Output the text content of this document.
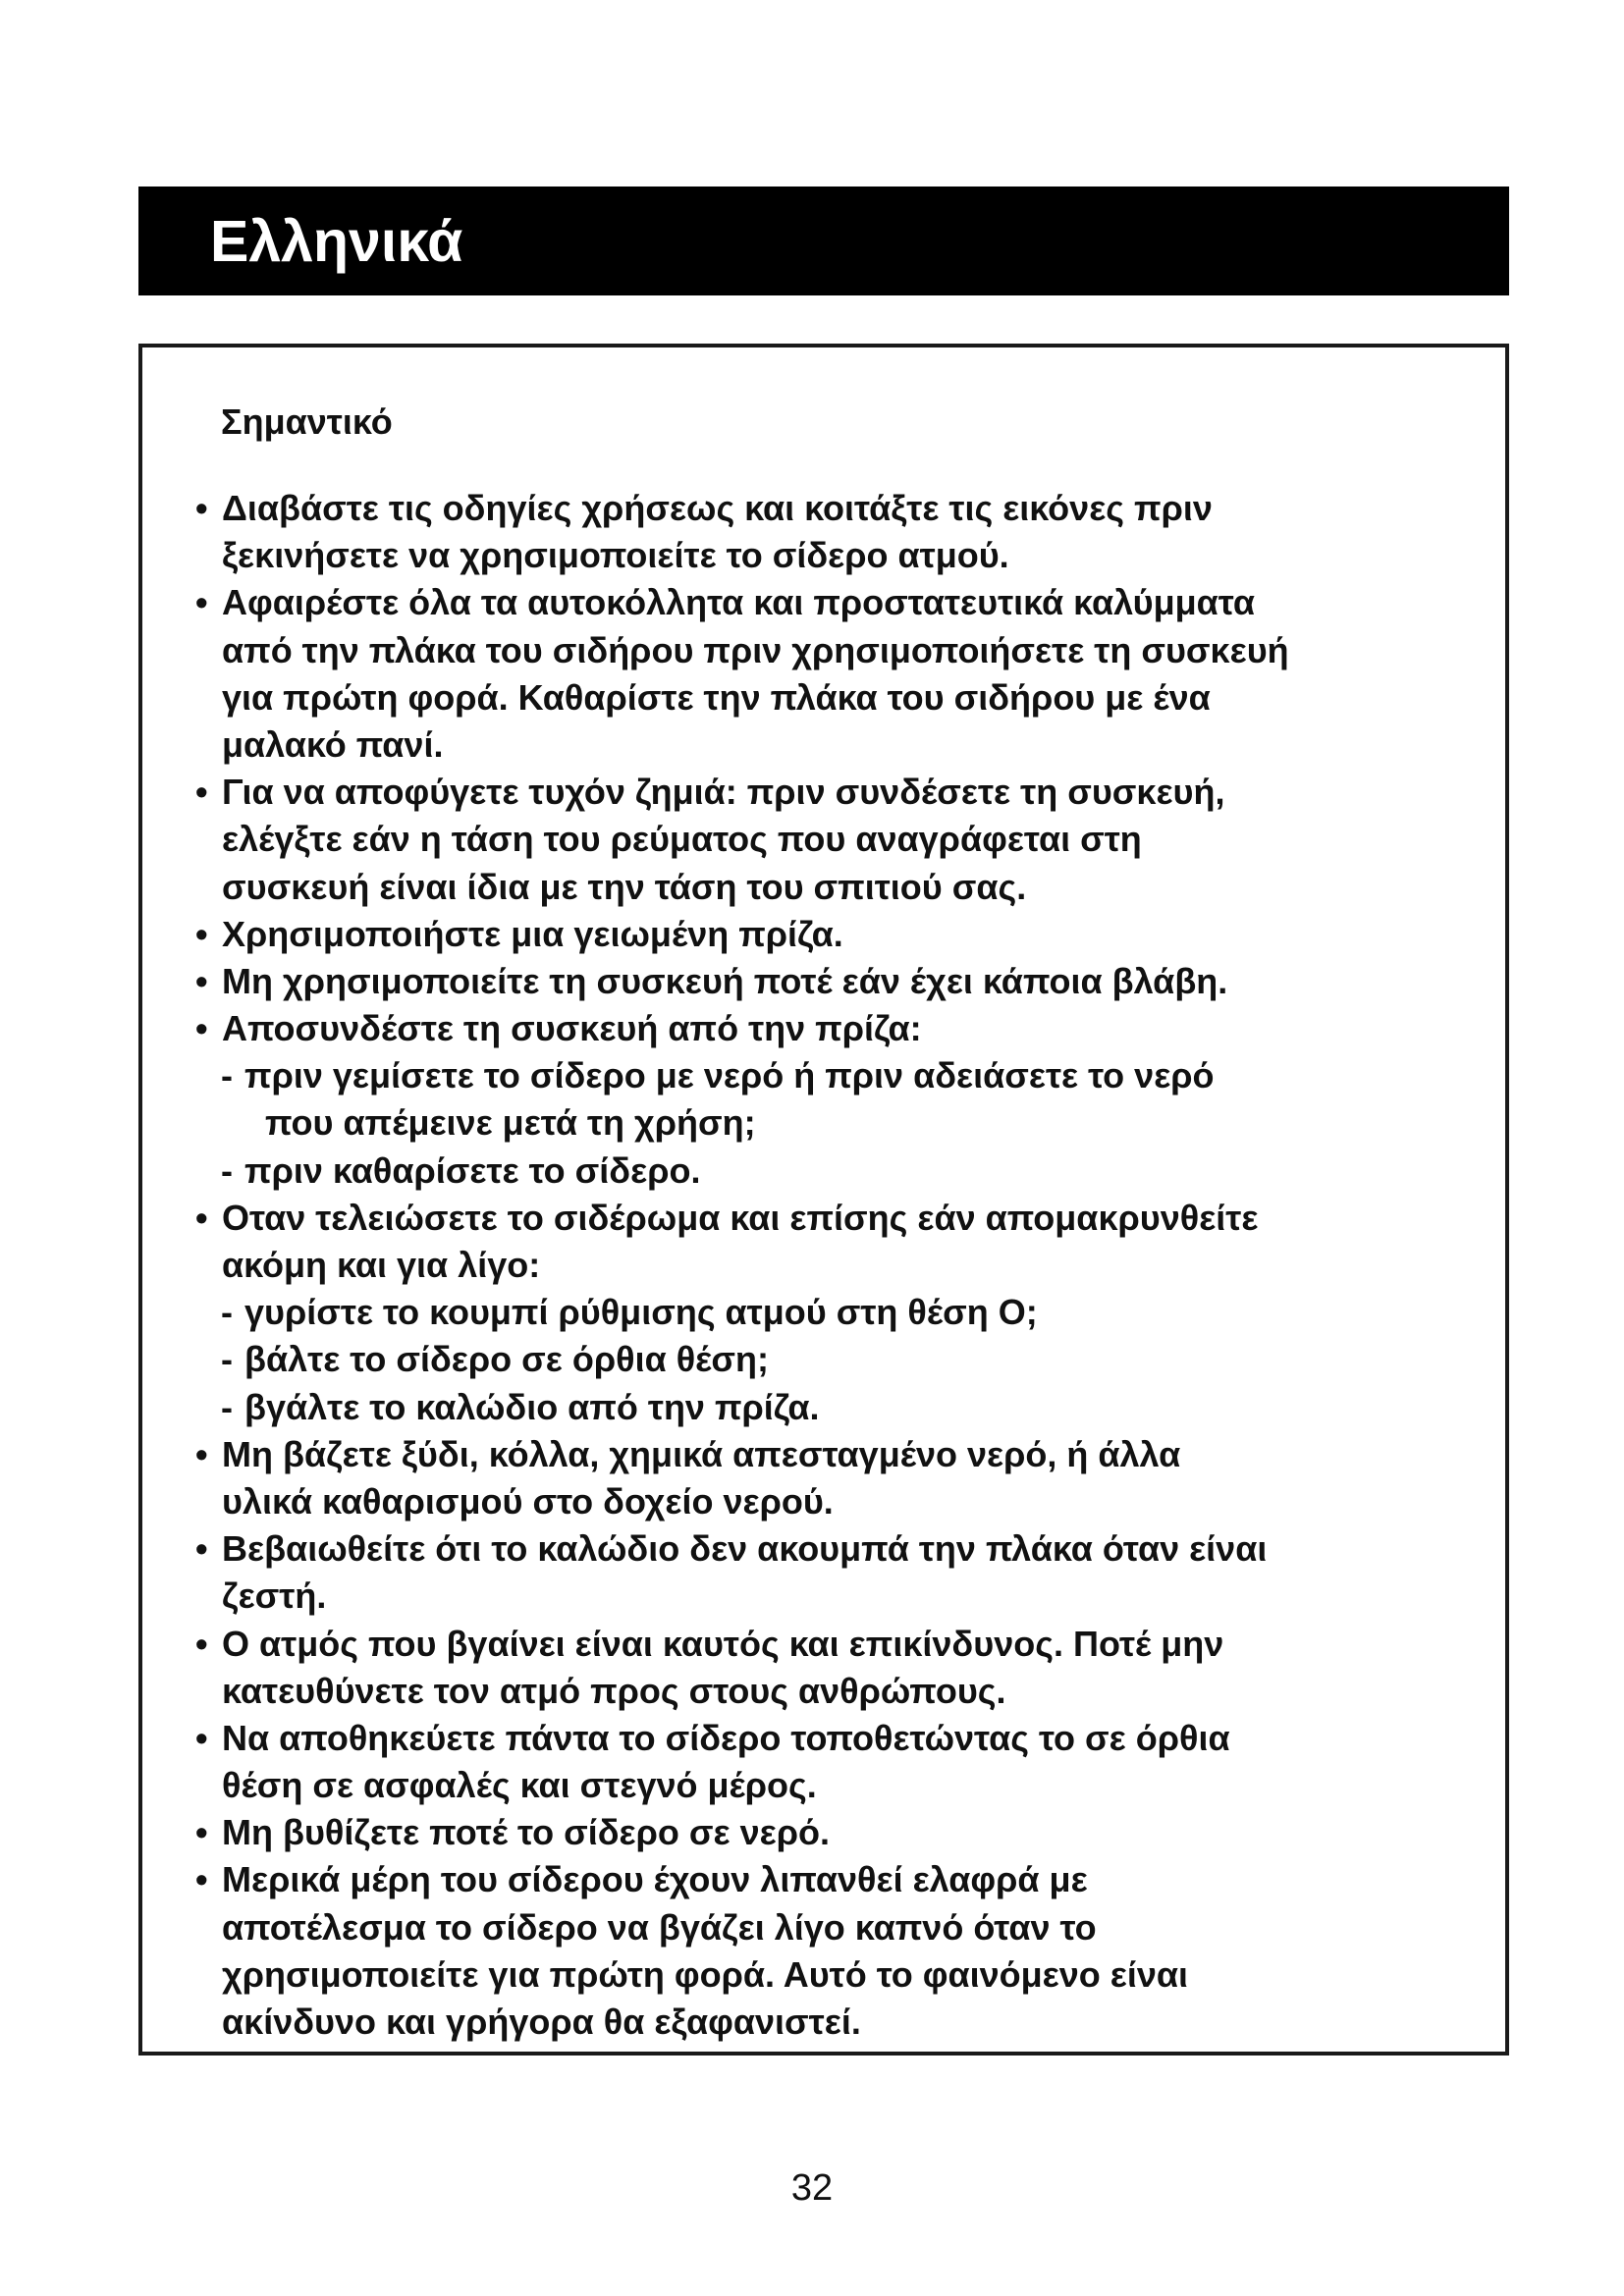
Ελληνικά
Σημαντικό
• Διαβάστε τις οδηγίες χρήσεως και κοιτάξτε τις εικόνες πριν
ξεκινήσετε να χρησιμοποιείτε το σίδερο ατμού.
• Αφαιρέστε όλα τα αυτοκόλλητα και προστατευτικά καλύμματα
από την πλάκα του σιδήρου πριν χρησιμοποιήσετε τη συσκευή
για πρώτη φορά. Καθαρίστε την πλάκα του σιδήρου με ένα
μαλακό πανί.
• Για να αποφύγετε τυχόν ζημιά: πριν συνδέσετε τη συσκευή,
ελέγξτε εάν η τάση του ρεύματος που αναγράφεται στη
συσκευή είναι ίδια με την τάση του σπιτιού σας.
• Χρησιμοποιήστε μια γειωμένη πρίζα.
• Μη χρησιμοποιείτε τη συσκευή ποτέ εάν έχει κάποια βλάβη.
• Αποσυνδέστε τη συσκευή από την πρίζα:
- πριν γεμίσετε το σίδερο με νερό ή πριν αδειάσετε το νερό
που απέμεινε μετά τη χρήση;
- πριν καθαρίσετε το σίδερο.
• Οταν τελειώσετε το σιδέρωμα και επίσης εάν απομακρυνθείτε
ακόμη και για λίγο:
- γυρίστε το κουμπί ρύθμισης ατμού στη θέση O;
- βάλτε το σίδερο σε όρθια θέση;
- βγάλτε το καλώδιο από την πρίζα.
• Μη βάζετε ξύδι, κόλλα, χημικά απεσταγμένο νερό, ή άλλα
υλικά καθαρισμού στο δοχείο νερού.
• Βεβαιωθείτε ότι το καλώδιο δεν ακουμπά την πλάκα όταν είναι
ζεστή.
• Ο ατμός που βγαίνει είναι καυτός και επικίνδυνος. Ποτέ μην
κατευθύνετε τον ατμό προς στους ανθρώπους.
• Να αποθηκεύετε πάντα το σίδερο τοποθετώντας το σε όρθια
θέση σε ασφαλές και στεγνό μέρος.
• Μη βυθίζετε ποτέ το σίδερο σε νερό.
• Μερικά μέρη του σίδερου έχουν λιπανθεί ελαφρά με
αποτέλεσμα το σίδερο να βγάζει λίγο καπνό όταν το
χρησιμοποιείτε για πρώτη φορά. Αυτό το φαινόμενο είναι
ακίνδυνο και γρήγορα θα εξαφανιστεί.
32
